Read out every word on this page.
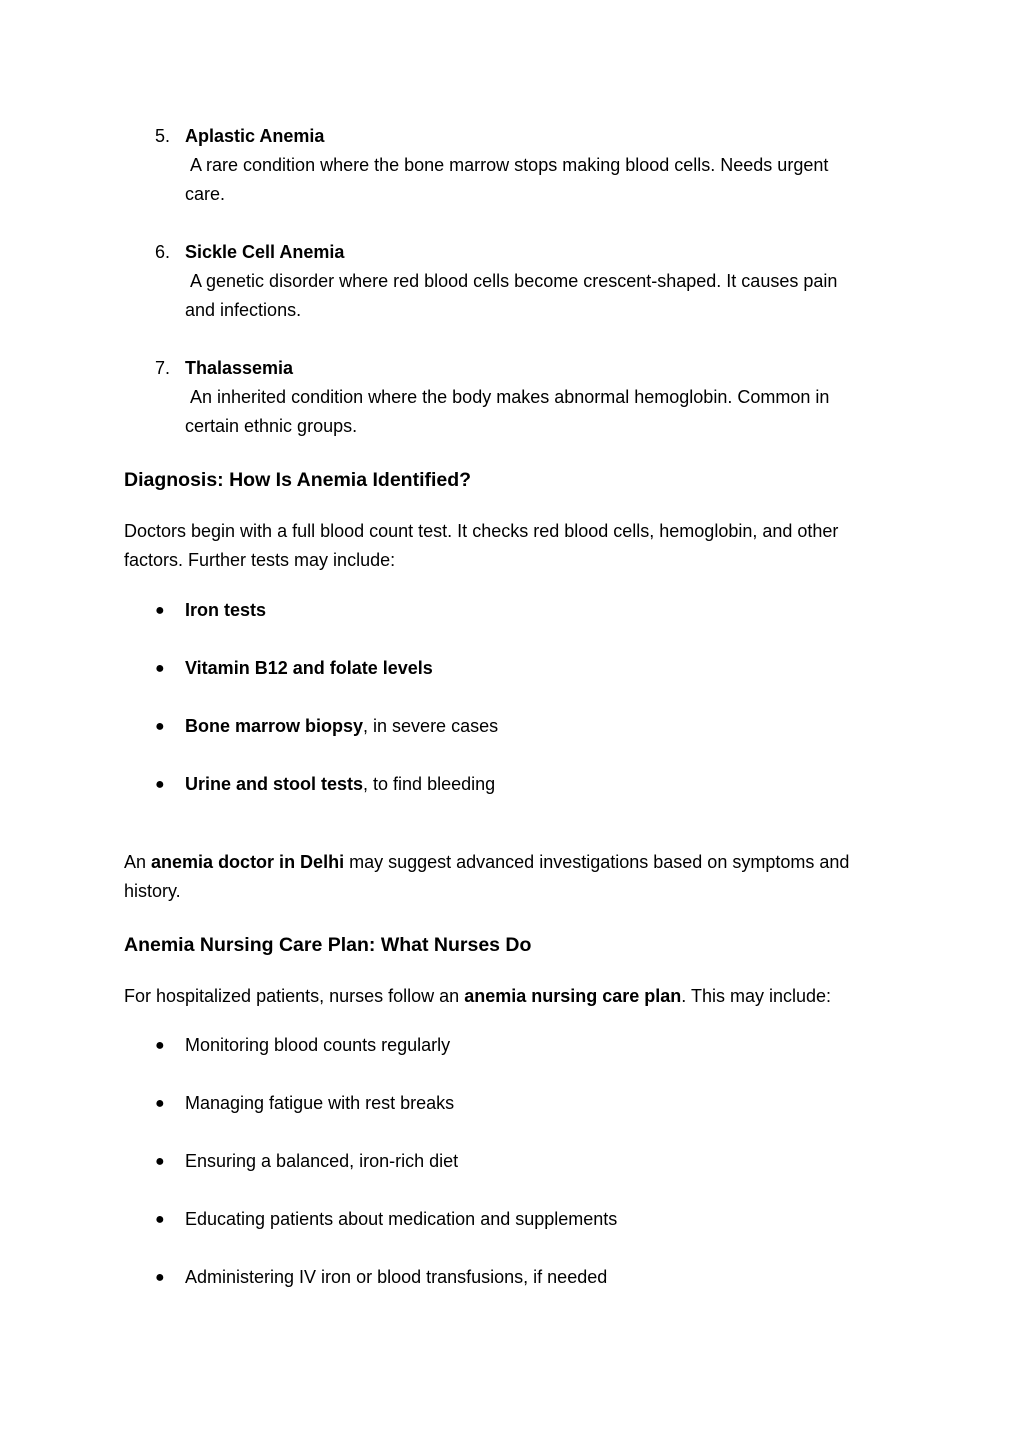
5. Aplastic Anemia
A rare condition where the bone marrow stops making blood cells. Needs urgent
care.
6. Sickle Cell Anemia
A genetic disorder where red blood cells become crescent-shaped. It causes pain
and infections.
7. Thalassemia
An inherited condition where the body makes abnormal hemoglobin. Common in
certain ethnic groups.
Diagnosis: How Is Anemia Identified?

Doctors begin with a full blood count test. It checks red blood cells, hemoglobin, and other
factors. Further tests may include:

● Iron tests
● Vitamin B12 and folate levels
● Bone marrow biopsy, in severe cases
● Urine and stool tests, to find bleeding

An anemia doctor in Delhi may suggest advanced investigations based on symptoms and
history.

Anemia Nursing Care Plan: What Nurses Do

For hospitalized patients, nurses follow an anemia nursing care plan. This may include:

● Monitoring blood counts regularly
● Managing fatigue with rest breaks
● Ensuring a balanced, iron-rich diet
● Educating patients about medication and supplements
● Administering IV iron or blood transfusions, if needed
